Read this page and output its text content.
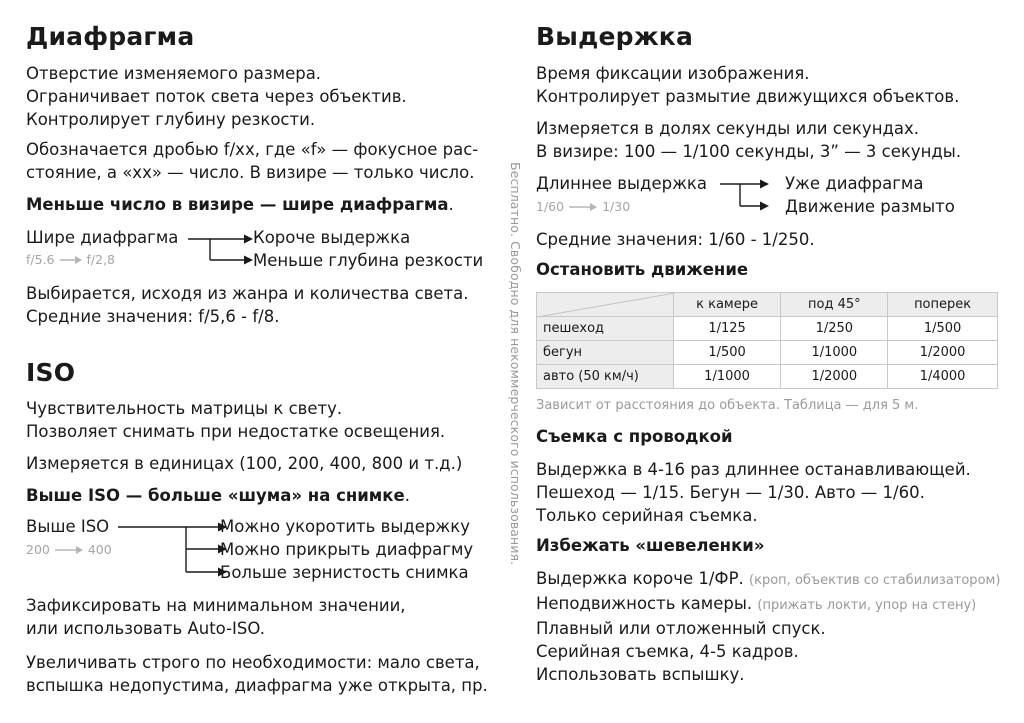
Диафрагма
Отверстие изменяемого размера.
Ограничивает поток света через объектив.
Контролирует глубину резкости.
Обозначается дробью f/xx, где «f» — фокусное рас-
стояние, а «xx» — число. В визире — только число.
Меньше число в визире — шире диафрагма.
Шире диафрагма
f/5.6	f/2,8
Короче выдержка
Меньше глубина резкости
Выбирается, исходя из жанра и количества света.
Средние значения: f/5,6 - f/8.
ISO
Чувствительность матрицы к свету.
Позволяет снимать при недостатке освещения.
Измеряется в единицах (100, 200, 400, 800 и т.д.)
Выше ISO — больше «шума» на снимке.
Выше ISO
200	400
Можно укоротить выдержку
Можно прикрыть диафрагму
Больше зернистость снимка
Зафиксировать на минимальном значении,
или использовать Auto-ISO.
Увеличивать строго по необходимости: мало света,
вспышка недопустима, диафрагма уже открыта, пр.
Бесплатно. Свободно для некоммерческого использования.
Выдержка
Время фиксации изображения.
Контролирует размытие движущихся объектов.
Измеряется в долях секунды или секундах.
В визире: 100 — 1/100 секунды, 3” — 3 секунды.
Длиннее выдержка
1/60	1/30
Уже диафрагма
Движение размыто
Средние значения: 1/60 - 1/250.
Остановить движение
	к камере	под 45°	поперек
пешеход	1/125	1/250	1/500
бегун	1/500	1/1000	1/2000
авто (50 км/ч)	1/1000	1/2000	1/4000
Зависит от расстояния до объекта. Таблица — для 5 м.
Съемка с проводкой
Выдержка в 4-16 раз длиннее останавливающей.
Пешеход — 1/15. Бегун — 1/30. Авто — 1/60.
Только серийная съемка.
Избежать «шевеленки»
Выдержка короче 1/ФР. (кроп, объектив со стабилизатором)
Неподвижность камеры. (прижать локти, упор на стену)
Плавный или отложенный спуск.
Серийная съемка, 4-5 кадров.
Использовать вспышку.
